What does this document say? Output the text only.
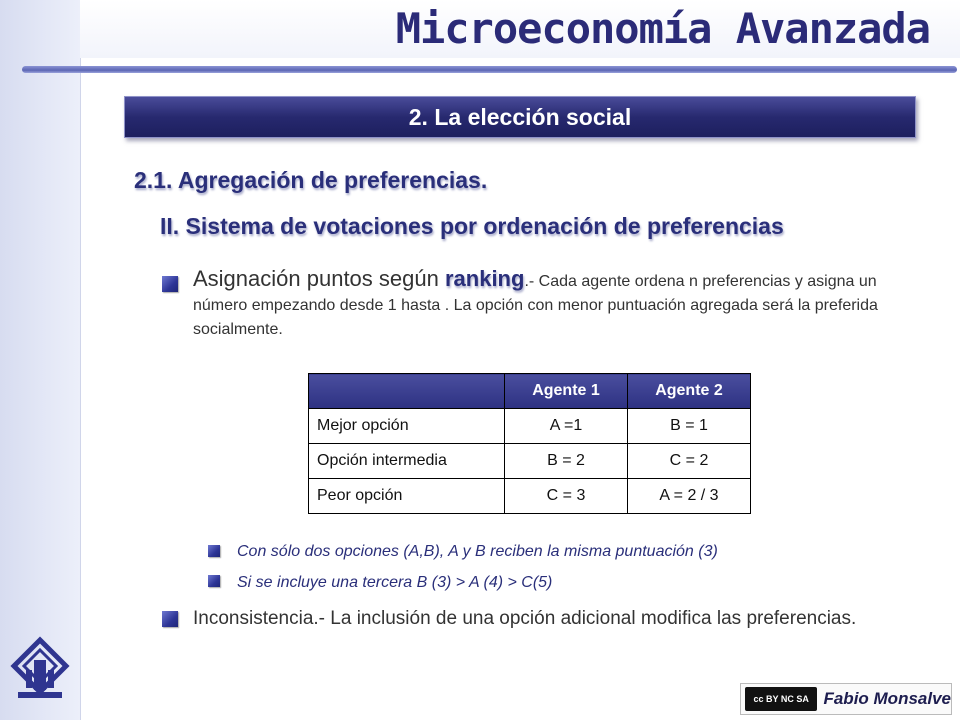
Microeconomía Avanzada
2. La elección social
2.1. Agregación de preferencias.
II. Sistema de votaciones por ordenación de preferencias
Asignación puntos según ranking.- Cada agente ordena n preferencias y asigna un número empezando desde 1 hasta . La opción con menor puntuación agregada será la preferida socialmente.
	Agente 1	Agente 2
Mejor opción	A =1	B = 1
Opción intermedia	B = 2	C = 2
Peor opción	C = 3	A = 2 / 3
Con sólo dos opciones (A,B), A y B reciben la misma puntuación (3)
Si se incluye una tercera B (3) > A (4) > C(5)
Inconsistencia.- La inclusión de una opción adicional modifica las preferencias.
cc BY NC SA Fabio Monsalve
